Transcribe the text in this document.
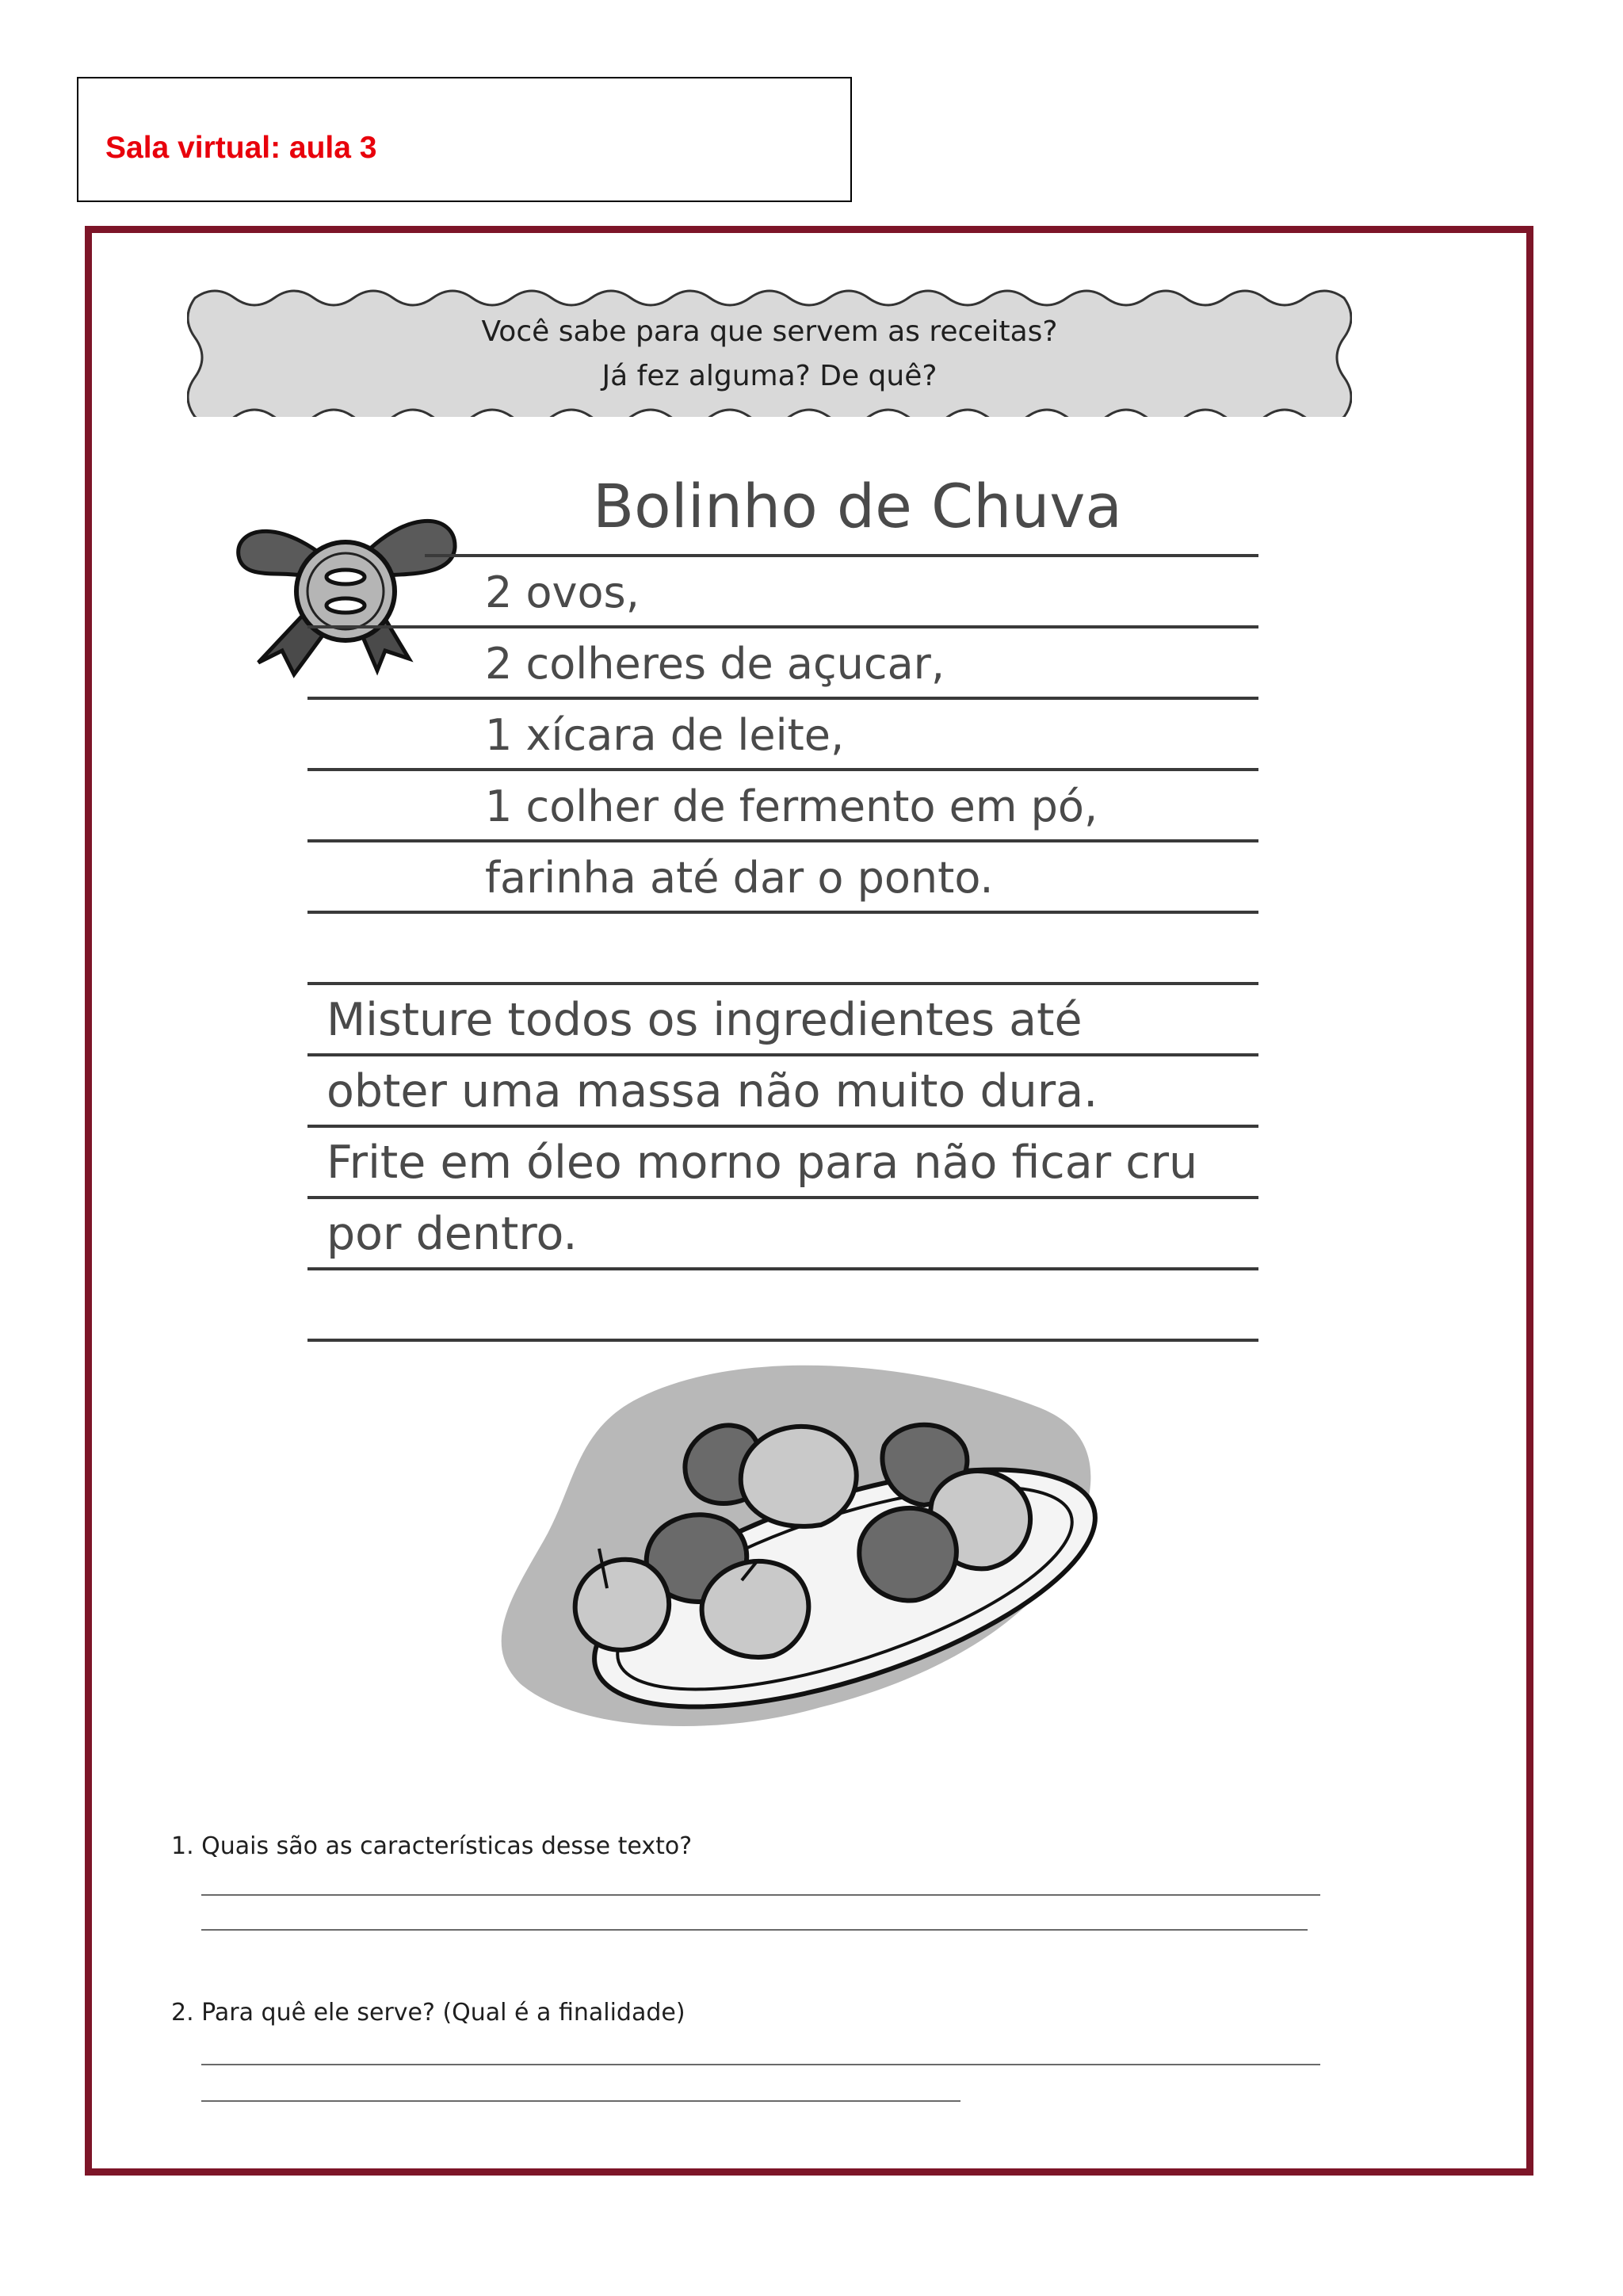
Sala virtual: aula 3
Você sabe para que servem as receitas?
Já fez alguma? De quê?
Bolinho de Chuva
2 ovos,
2 colheres de açucar,
1 xícara de leite,
1 colher de fermento em pó,
farinha até dar o ponto.
Misture todos os ingredientes até
obter uma massa não muito dura.
Frite em óleo morno para não ficar cru
por dentro.
1. Quais são as características desse texto?
2. Para quê ele serve? (Qual é a finalidade)
